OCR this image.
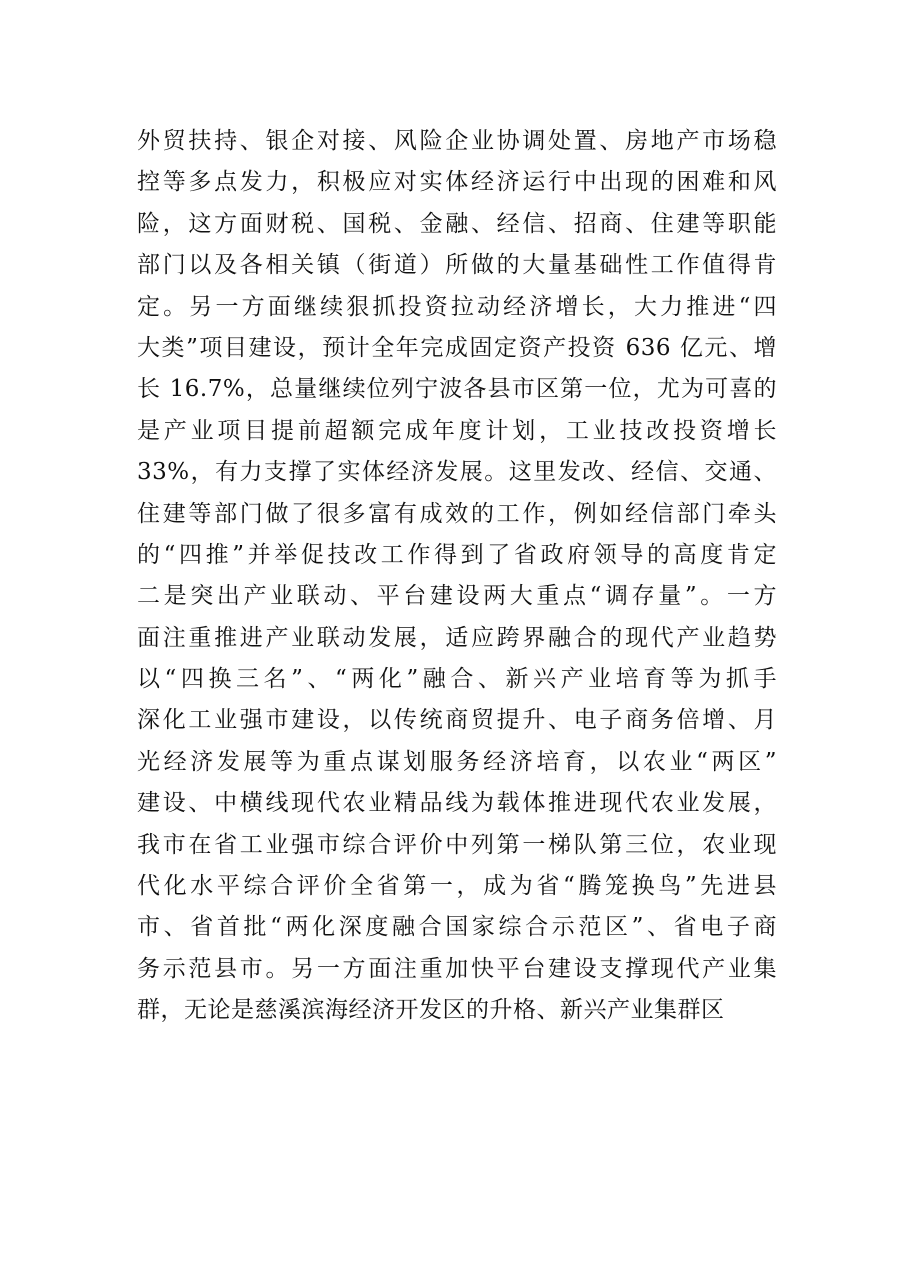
外贸扶持、银企对接、风险企业协调处置、房地产市场稳
控等多点发力，积极应对实体经济运行中出现的困难和风
险，这方面财税、国税、金融、经信、招商、住建等职能
部门以及各相关镇（街道）所做的大量基础性工作值得肯
定。另一方面继续狠抓投资拉动经济增长，大力推进“四
大类”项目建设，预计全年完成固定资产投资 636 亿元、增
长 16.7%，总量继续位列宁波各县市区第一位，尤为可喜的
是产业项目提前超额完成年度计划，工业技改投资增长
33%，有力支撑了实体经济发展。这里发改、经信、交通、
住建等部门做了很多富有成效的工作，例如经信部门牵头
的“四推”并举促技改工作得到了省政府领导的高度肯定
二是突出产业联动、平台建设两大重点“调存量”。一方
面注重推进产业联动发展，适应跨界融合的现代产业趋势
以“四换三名”、“两化”融合、新兴产业培育等为抓手
深化工业强市建设，以传统商贸提升、电子商务倍增、月
光经济发展等为重点谋划服务经济培育，以农业“两区”
建设、中横线现代农业精品线为载体推进现代农业发展，
我市在省工业强市综合评价中列第一梯队第三位，农业现
代化水平综合评价全省第一，成为省“腾笼换鸟”先进县
市、省首批“两化深度融合国家综合示范区”、省电子商
务示范县市。另一方面注重加快平台建设支撑现代产业集
群，无论是慈溪滨海经济开发区的升格、新兴产业集群区
